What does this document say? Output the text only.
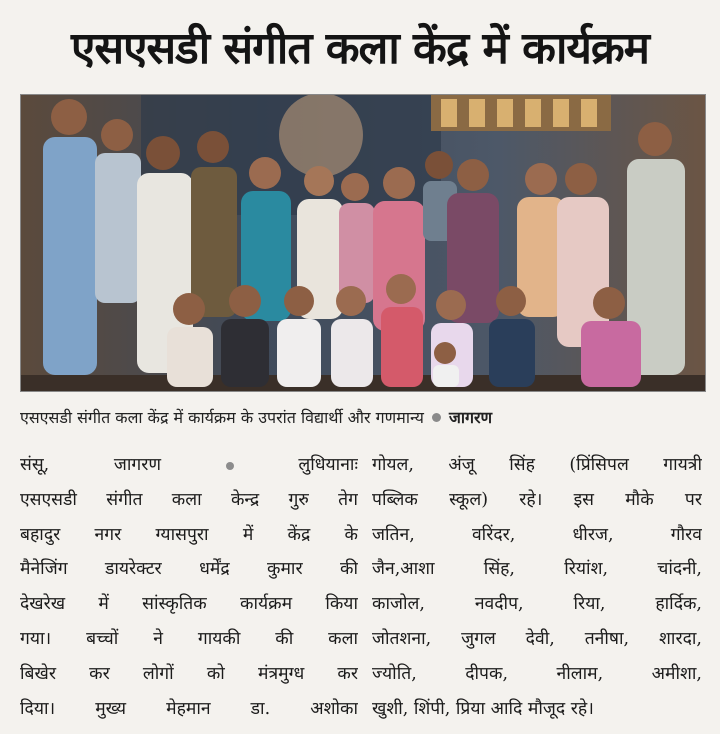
एसएसडी संगीत कला केंद्र में कार्यक्रम
एसएसडी संगीत कला केंद्र में कार्यक्रम के उपरांत विद्यार्थी और गणमान्य जागरण
संसू, जागरण	लुधियानाः
एसएसडी संगीत कला केन्द्र गुरु तेग
बहादुर नगर ग्यासपुरा में केंद्र के
मैनेजिंग डायरेक्टर धर्मेंद्र कुमार की
देखरेख में सांस्कृतिक कार्यक्रम किया
गया। बच्चों ने गायकी की कला
बिखेर कर लोगों को मंत्रमुग्ध कर
दिया। मुख्य मेहमान डा. अशोका
गोयल, अंजू सिंह (प्रिंसिपल गायत्री
पब्लिक स्कूल) रहे। इस मौके पर
जतिन, वरिंदर, धीरज, गौरव
जैन,आशा सिंह, रियांश, चांदनी,
काजोल, नवदीप, रिया, हार्दिक,
जोतशना, जुगल देवी, तनीषा, शारदा,
ज्योति, दीपक, नीलाम, अमीशा,
खुशी, शिंपी, प्रिया आदि मौजूद रहे।
